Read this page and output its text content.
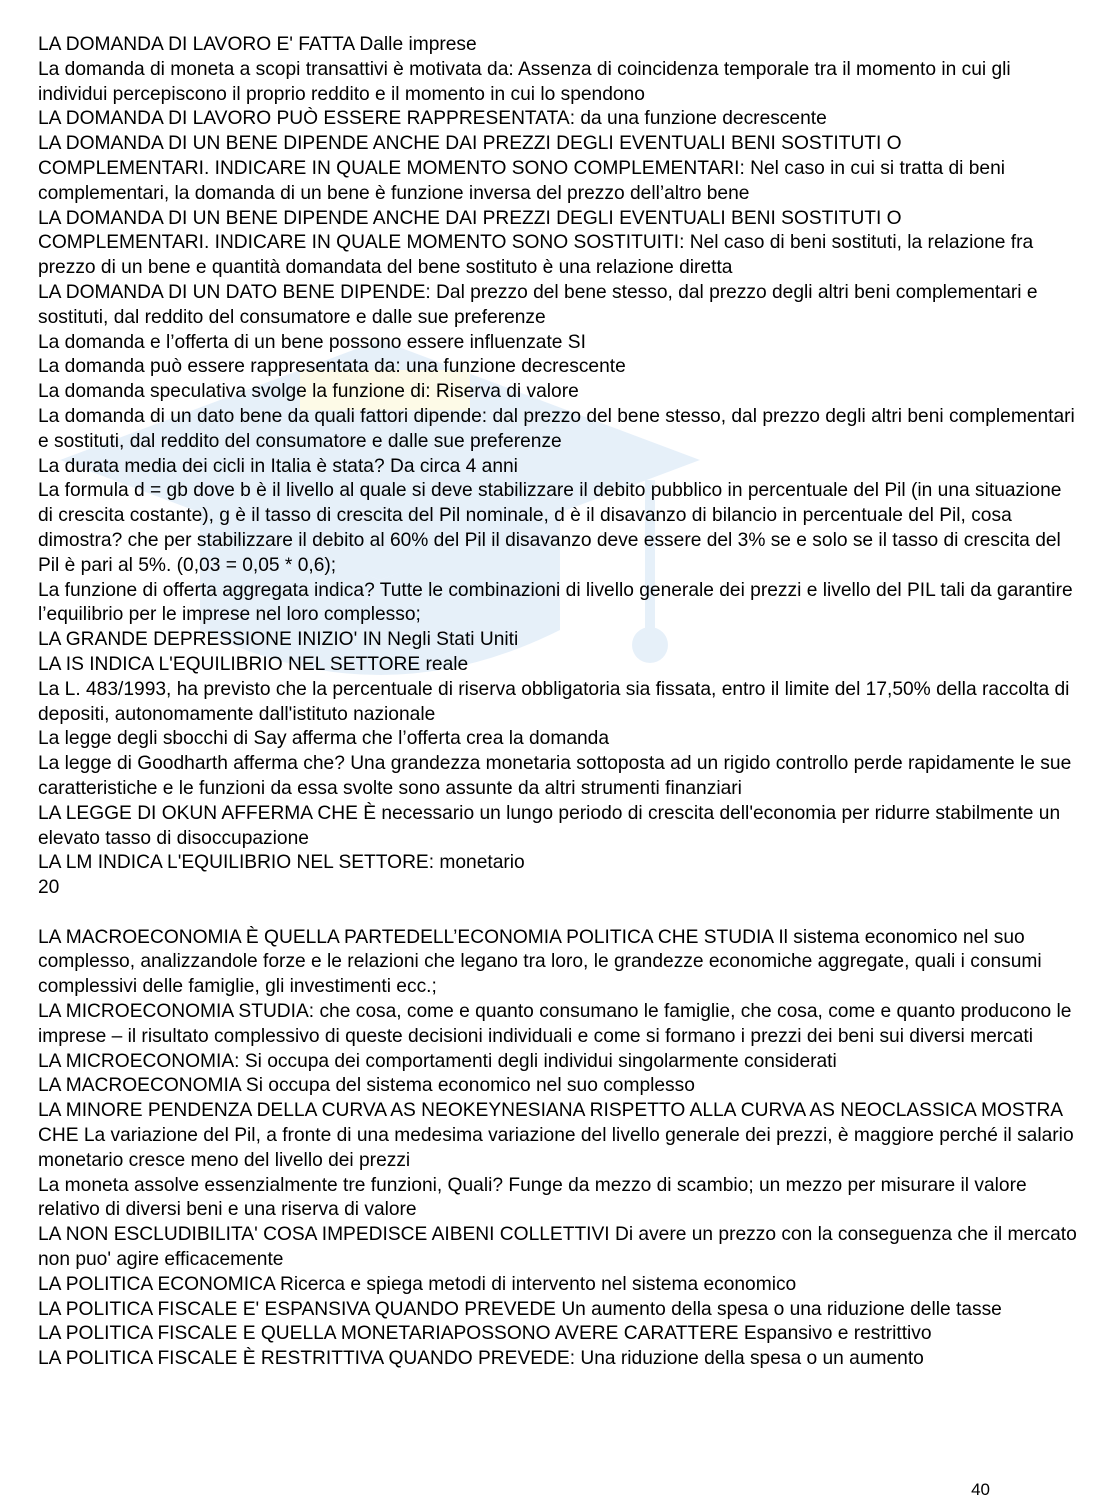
LA DOMANDA DI LAVORO E' FATTA Dalle imprese

La domanda di moneta a scopi transattivi è motivata da: Assenza di coincidenza temporale tra il momento in cui gli individui percepiscono il proprio reddito e il momento in cui lo spendono

LA DOMANDA DI LAVORO PUÒ ESSERE RAPPRESENTATA: da una funzione decrescente

LA DOMANDA DI UN BENE DIPENDE ANCHE DAI PREZZI DEGLI EVENTUALI BENI SOSTITUTI O COMPLEMENTARI. INDICARE IN QUALE MOMENTO SONO COMPLEMENTARI: Nel caso in cui si tratta di beni complementari, la domanda di un bene è funzione inversa del prezzo dell’altro bene

LA DOMANDA DI UN BENE DIPENDE ANCHE DAI PREZZI DEGLI EVENTUALI BENI SOSTITUTI O COMPLEMENTARI. INDICARE IN QUALE MOMENTO SONO SOSTITUITI: Nel caso di beni sostituti, la relazione fra prezzo di un bene e quantità domandata del bene sostituto è una relazione diretta

LA DOMANDA DI UN DATO BENE DIPENDE: Dal prezzo del bene stesso, dal prezzo degli altri beni complementari e sostituti, dal reddito del consumatore e dalle sue preferenze

La domanda e l’offerta di un bene possono essere influenzate SI

La domanda può essere rappresentata da: una funzione decrescente

La domanda speculativa svolge la funzione di: Riserva di valore

La domanda di un dato bene da quali fattori dipende: dal prezzo del bene stesso, dal prezzo degli altri beni complementari e sostituti, dal reddito del consumatore e dalle sue preferenze

La durata media dei cicli in Italia è stata? Da circa 4 anni

La formula d = gb dove b è il livello al quale si deve stabilizzare il debito pubblico in percentuale del Pil (in una situazione di crescita costante), g è il tasso di crescita del Pil nominale, d è il disavanzo di bilancio in percentuale del Pil, cosa dimostra? che per stabilizzare il debito al 60% del Pil il disavanzo deve essere del 3% se e solo se il tasso di crescita del Pil è pari al 5%. (0,03 = 0,05 * 0,6);

La funzione di offerta aggregata indica? Tutte le combinazioni di livello generale dei prezzi e livello del PIL tali da garantire l’equilibrio per le imprese nel loro complesso;

LA GRANDE DEPRESSIONE INIZIO' IN Negli Stati Uniti

LA IS INDICA L'EQUILIBRIO NEL SETTORE reale

La L. 483/1993, ha previsto che la percentuale di riserva obbligatoria sia fissata, entro il limite del 17,50% della raccolta di depositi, autonomamente dall'istituto nazionale

La legge degli sbocchi di Say afferma che l’offerta crea la domanda

La legge di Goodharth afferma che? Una grandezza monetaria sottoposta ad un rigido controllo perde rapidamente le sue caratteristiche e le funzioni da essa svolte sono assunte da altri strumenti finanziari

LA LEGGE DI OKUN AFFERMA CHE È necessario un lungo periodo di crescita dell'economia per ridurre stabilmente un elevato tasso di disoccupazione

LA LM INDICA L'EQUILIBRIO NEL SETTORE: monetario

20

LA MACROECONOMIA È QUELLA PARTEDELL’ECONOMIA POLITICA CHE STUDIA Il sistema economico nel suo complesso, analizzandole forze e le relazioni che legano tra loro, le grandezze economiche aggregate, quali i consumi complessivi delle famiglie, gli investimenti ecc.;

LA MICROECONOMIA STUDIA: che cosa, come e quanto consumano le famiglie, che cosa, come e quanto producono le imprese – il risultato complessivo di queste decisioni individuali e come si formano i prezzi dei beni sui diversi mercati

LA MICROECONOMIA: Si occupa dei comportamenti degli individui singolarmente considerati

LA MACROECONOMIA Si occupa del sistema economico nel suo complesso

LA MINORE PENDENZA DELLA CURVA AS NEOKEYNESIANA RISPETTO ALLA CURVA AS NEOCLASSICA MOSTRA CHE La variazione del Pil, a fronte di una medesima variazione del livello generale dei prezzi, è maggiore perché il salario monetario cresce meno del livello dei prezzi

La moneta assolve essenzialmente tre funzioni, Quali? Funge da mezzo di scambio; un mezzo per misurare il valore relativo di diversi beni e una riserva di valore

LA NON ESCLUDIBILITA' COSA IMPEDISCE AIBENI COLLETTIVI Di avere un prezzo con la conseguenza che il mercato non puo' agire efficacemente

LA POLITICA ECONOMICA Ricerca e spiega metodi di intervento nel sistema economico

LA POLITICA FISCALE E' ESPANSIVA QUANDO PREVEDE Un aumento della spesa o una riduzione delle tasse

LA POLITICA FISCALE E QUELLA MONETARIAPOSSONO AVERE CARATTERE Espansivo e restrittivo

LA POLITICA FISCALE È RESTRITTIVA QUANDO PREVEDE: Una riduzione della spesa o un aumento

40
